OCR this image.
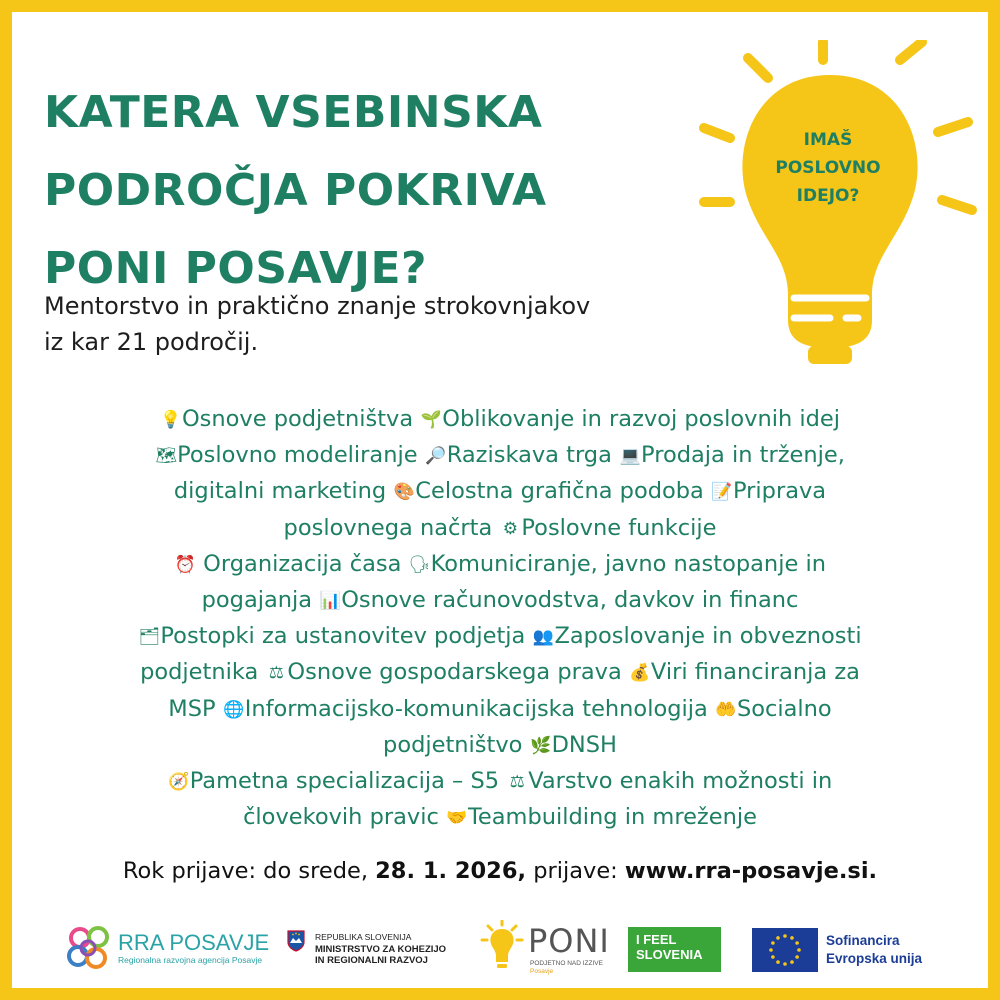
KATERA VSEBINSKA
PODROČJA POKRIVA
PONI POSAVJE?
Mentorstvo in praktično znanje strokovnjakov
iz kar 21 področij.
IMAŠ
POSLOVNO
IDEJO?
💡Osnove podjetništva 🌱Oblikovanje in razvoj poslovnih idej
🗺Poslovno modeliranje 🔎Raziskava trga 💻Prodaja in trženje,
digitalni marketing 🎨Celostna grafična podoba 📝Priprava
poslovnega načrta ⚙ Poslovne funkcije
⏰ Organizacija časa 🗣Komuniciranje, javno nastopanje in
pogajanja 📊Osnove računovodstva, davkov in financ
🗂Postopki za ustanovitev podjetja 👥Zaposlovanje in obveznosti
podjetnika ⚖ Osnove gospodarskega prava 💰Viri financiranja za
MSP 🌐Informacijsko-komunikacijska tehnologija 🤲Socialno
podjetništvo 🌿DNSH
🧭Pametna specializacija – S5 ⚖ Varstvo enakih možnosti in
človekovih pravic 🤝Teambuilding in mreženje
Rok prijave: do srede, 28. 1. 2026, prijave: www.rra-posavje.si.
RRA POSAVJE
Regionalna razvojna agencija Posavje
REPUBLIKA SLOVENIJA
MINISTRSTVO ZA KOHEZIJO
IN REGIONALNI RAZVOJ
PONI
PODJETNO NAD IZZIVE
Posavje
I FEEL
SLOVENIA
Sofinancira
Evropska unija
